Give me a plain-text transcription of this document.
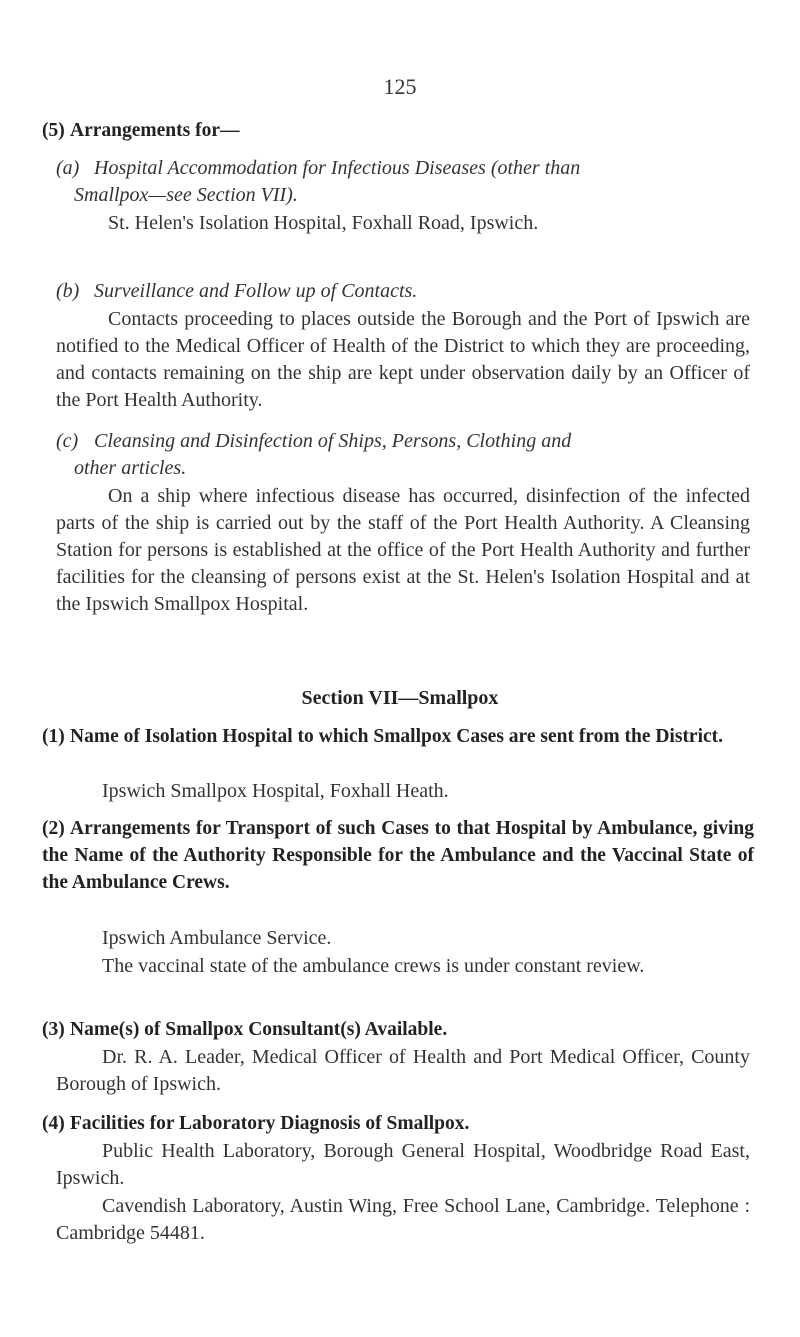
125
(5) Arrangements for—
(a) Hospital Accommodation for Infectious Diseases (other than
Smallpox—see Section VII).
St. Helen's Isolation Hospital, Foxhall Road, Ipswich.
(b) Surveillance and Follow up of Contacts.
Contacts proceeding to places outside the Borough and the Port of Ipswich are notified to the Medical Officer of Health of the District to which they are proceeding, and contacts remaining on the ship are kept under observation daily by an Officer of the Port Health Authority.
(c) Cleansing and Disinfection of Ships, Persons, Clothing and
other articles.
On a ship where infectious disease has occurred, disinfection of the infected parts of the ship is carried out by the staff of the Port Health Authority. A Cleansing Station for persons is established at the office of the Port Health Authority and further facilities for the cleansing of persons exist at the St. Helen's Isolation Hospital and at the Ipswich Smallpox Hospital.
Section VII—Smallpox
(1) Name of Isolation Hospital to which Smallpox Cases are sent from the District.
Ipswich Smallpox Hospital, Foxhall Heath.
(2) Arrangements for Transport of such Cases to that Hospital by Ambulance, giving the Name of the Authority Responsible for the Ambulance and the Vaccinal State of the Ambulance Crews.
Ipswich Ambulance Service.
The vaccinal state of the ambulance crews is under constant review.
(3) Name(s) of Smallpox Consultant(s) Available.
Dr. R. A. Leader, Medical Officer of Health and Port Medical Officer, County Borough of Ipswich.
(4) Facilities for Laboratory Diagnosis of Smallpox.
Public Health Laboratory, Borough General Hospital, Woodbridge Road East, Ipswich.
Cavendish Laboratory, Austin Wing, Free School Lane, Cambridge. Telephone : Cambridge 54481.
